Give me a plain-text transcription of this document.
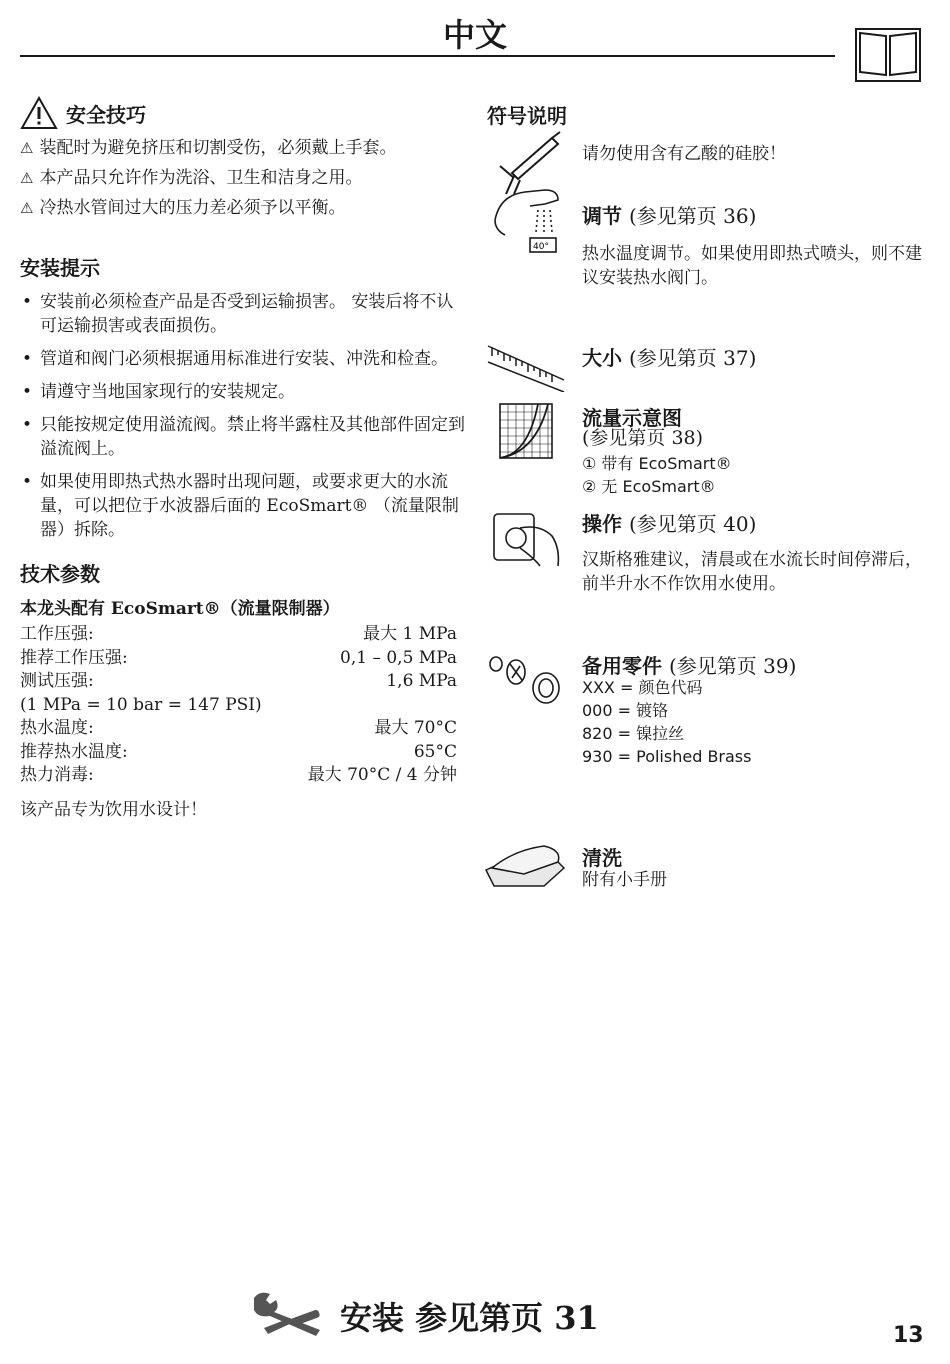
中文
安全技巧
⚠ 装配时为避免挤压和切割受伤，必须戴上手套。
⚠ 本产品只允许作为洗浴、卫生和洁身之用。
⚠ 冷热水管间过大的压力差必须予以平衡。
安装提示
• 安装前必须检查产品是否受到运输损害。 安装后将不认可运输损害或表面损伤。
• 管道和阀门必须根据通用标准进行安装、冲洗和检查。
• 请遵守当地国家现行的安装规定。
• 只能按规定使用溢流阀。禁止将半露柱及其他部件固定到溢流阀上。
• 如果使用即热式热水器时出现问题，或要求更大的水流量，可以把位于水波器后面的 EcoSmart® （流量限制器）拆除。
技术参数
本龙头配有 EcoSmart®（流量限制器）
工作压强:	最大 1 MPa
推荐工作压强:	0,1 – 0,5 MPa
测试压强:	1,6 MPa
(1 MPa = 10 bar = 147 PSI)
热水温度:	最大 70°C
推荐热水温度:	65°C
热力消毒:	最大 70°C / 4 分钟
该产品专为饮用水设计！
符号说明
请勿使用含有乙酸的硅胶！
40°
调节 (参见第页 36)
热水温度调节。如果使用即热式喷头，则不建议安装热水阀门。
大小 (参见第页 37)
流量示意图
(参见第页 38)
① 带有 EcoSmart®
② 无 EcoSmart®
操作 (参见第页 40)
汉斯格雅建议，清晨或在水流长时间停滞后，前半升水不作饮用水使用。
备用零件 (参见第页 39)
XXX = 颜色代码
000 = 镀铬
820 = 镍拉丝
930 = Polished Brass
清洗
附有小手册
安装 参见第页 31	13
